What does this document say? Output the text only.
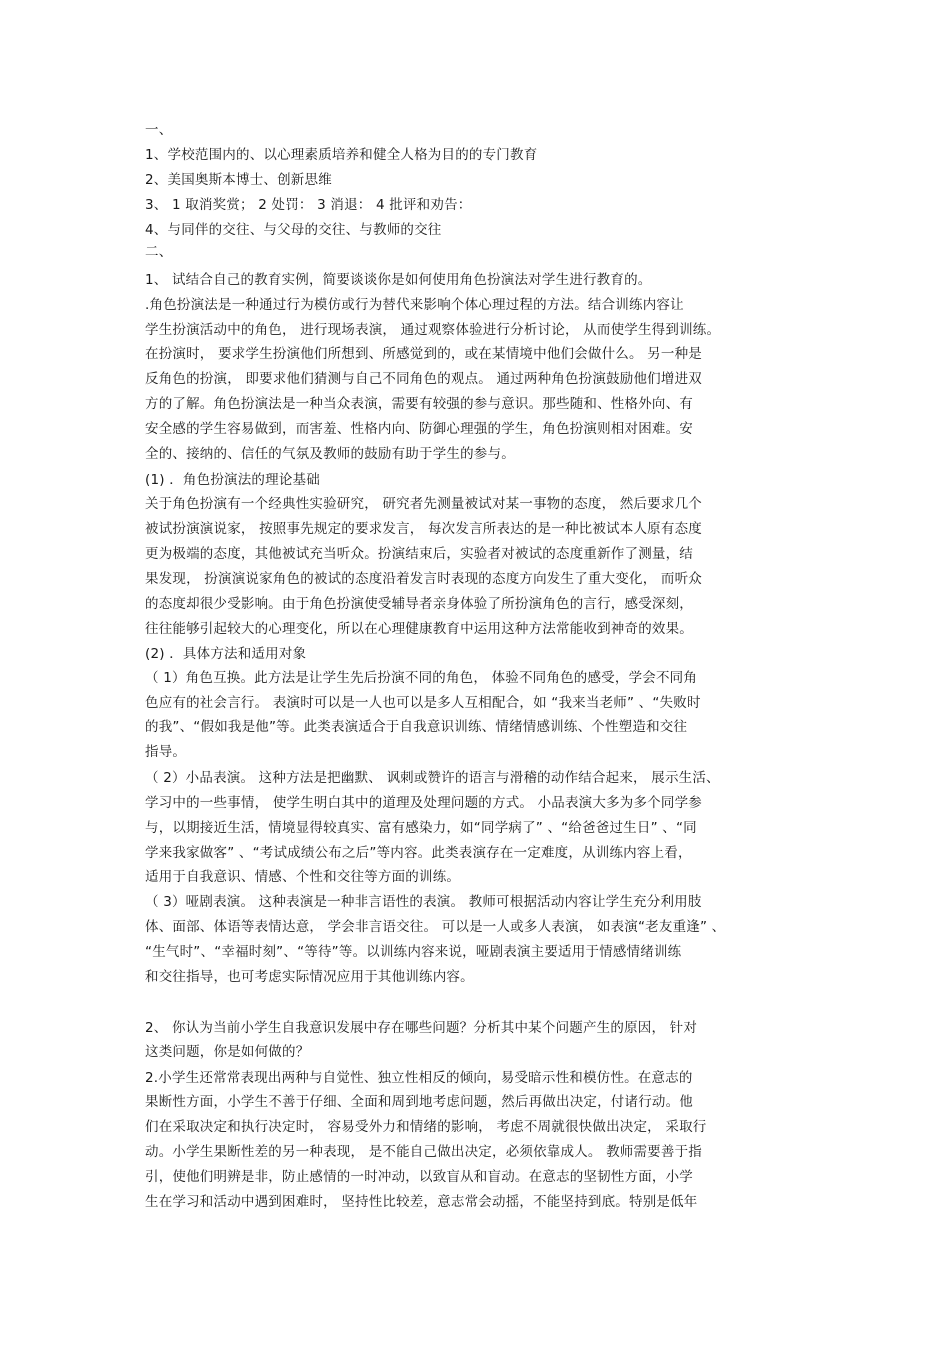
一、
1、学校范围内的、以心理素质培养和健全人格为目的的专门教育
2、美国奥斯本博士、创新思维
3、 1 取消奖赏； 2 处罚： 3 消退： 4 批评和劝告：
4、与同伴的交往、与父母的交往、与教师的交往
二、
1、 试结合自己的教育实例，简要谈谈你是如何使用角色扮演法对学生进行教育的。
.角色扮演法是一种通过行为模仿或行为替代来影响个体心理过程的方法。结合训练内容让
学生扮演活动中的角色， 进行现场表演， 通过观察体验进行分析讨论， 从而使学生得到训练。
在扮演时， 要求学生扮演他们所想到、所感觉到的，或在某情境中他们会做什么。 另一种是
反角色的扮演， 即要求他们猜测与自己不同角色的观点。 通过两种角色扮演鼓励他们增进双
方的了解。角色扮演法是一种当众表演，需要有较强的参与意识。那些随和、性格外向、有
安全感的学生容易做到，而害羞、性格内向、防御心理强的学生，角色扮演则相对困难。安
全的、接纳的、信任的气氛及教师的鼓励有助于学生的参与。
(1) ．角色扮演法的理论基础
关于角色扮演有一个经典性实验研究， 研究者先测量被试对某一事物的态度， 然后要求几个
被试扮演演说家， 按照事先规定的要求发言， 每次发言所表达的是一种比被试本人原有态度
更为极端的态度，其他被试充当听众。扮演结束后，实验者对被试的态度重新作了测量，结
果发现， 扮演演说家角色的被试的态度沿着发言时表现的态度方向发生了重大变化， 而听众
的态度却很少受影响。由于角色扮演使受辅导者亲身体验了所扮演角色的言行，感受深刻，
往往能够引起较大的心理变化，所以在心理健康教育中运用这种方法常能收到神奇的效果。
(2) ．具体方法和适用对象
（ 1）角色互换。此方法是让学生先后扮演不同的角色， 体验不同角色的感受，学会不同角
色应有的社会言行。 表演时可以是一人也可以是多人互相配合，如 “我来当老师” 、“失败时
的我”、“假如我是他”等。此类表演适合于自我意识训练、情绪情感训练、个性塑造和交往
指导。
（ 2）小品表演。 这种方法是把幽默、 讽刺或赞许的语言与滑稽的动作结合起来， 展示生活、
学习中的一些事情， 使学生明白其中的道理及处理问题的方式。 小品表演大多为多个同学参
与，以期接近生活，情境显得较真实、富有感染力，如“同学病了” 、“给爸爸过生日” 、“同
学来我家做客” 、“考试成绩公布之后”等内容。此类表演存在一定难度，从训练内容上看，
适用于自我意识、情感、个性和交往等方面的训练。
（ 3）哑剧表演。 这种表演是一种非言语性的表演。 教师可根据活动内容让学生充分利用肢
体、面部、体语等表情达意， 学会非言语交往。 可以是一人或多人表演， 如表演“老友重逢” 、
“生气时”、“幸福时刻”、“等待”等。以训练内容来说，哑剧表演主要适用于情感情绪训练
和交往指导，也可考虑实际情况应用于其他训练内容。
2、 你认为当前小学生自我意识发展中存在哪些问题？分析其中某个问题产生的原因， 针对
这类问题，你是如何做的？
2.小学生还常常表现出两种与自觉性、独立性相反的倾向，易受暗示性和模仿性。在意志的
果断性方面，小学生不善于仔细、全面和周到地考虑问题，然后再做出决定，付诸行动。他
们在采取决定和执行决定时， 容易受外力和情绪的影响， 考虑不周就很快做出决定， 采取行
动。小学生果断性差的另一种表现， 是不能自己做出决定，必须依靠成人。 教师需要善于指
引，使他们明辨是非，防止感情的一时冲动，以致盲从和盲动。在意志的坚韧性方面，小学
生在学习和活动中遇到困难时， 坚持性比较差，意志常会动摇，不能坚持到底。特别是低年
